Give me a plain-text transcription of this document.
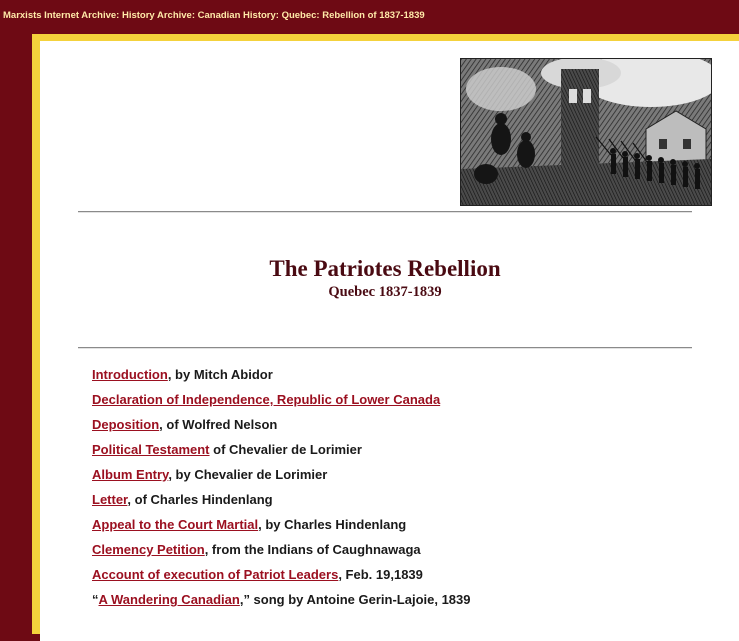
Marxists Internet Archive: History Archive: Canadian History: Quebec: Rebellion of 1837-1839
The Patriotes Rebellion
Quebec 1837-1839
Introduction, by Mitch Abidor
Declaration of Independence, Republic of Lower Canada
Deposition, of Wolfred Nelson
Political Testament of Chevalier de Lorimier
Album Entry, by Chevalier de Lorimier
Letter, of Charles Hindenlang
Appeal to the Court Martial, by Charles Hindenlang
Clemency Petition, from the Indians of Caughnawaga
Account of execution of Patriot Leaders, Feb. 19,1839
“A Wandering Canadian,” song by Antoine Gerin-Lajoie, 1839
